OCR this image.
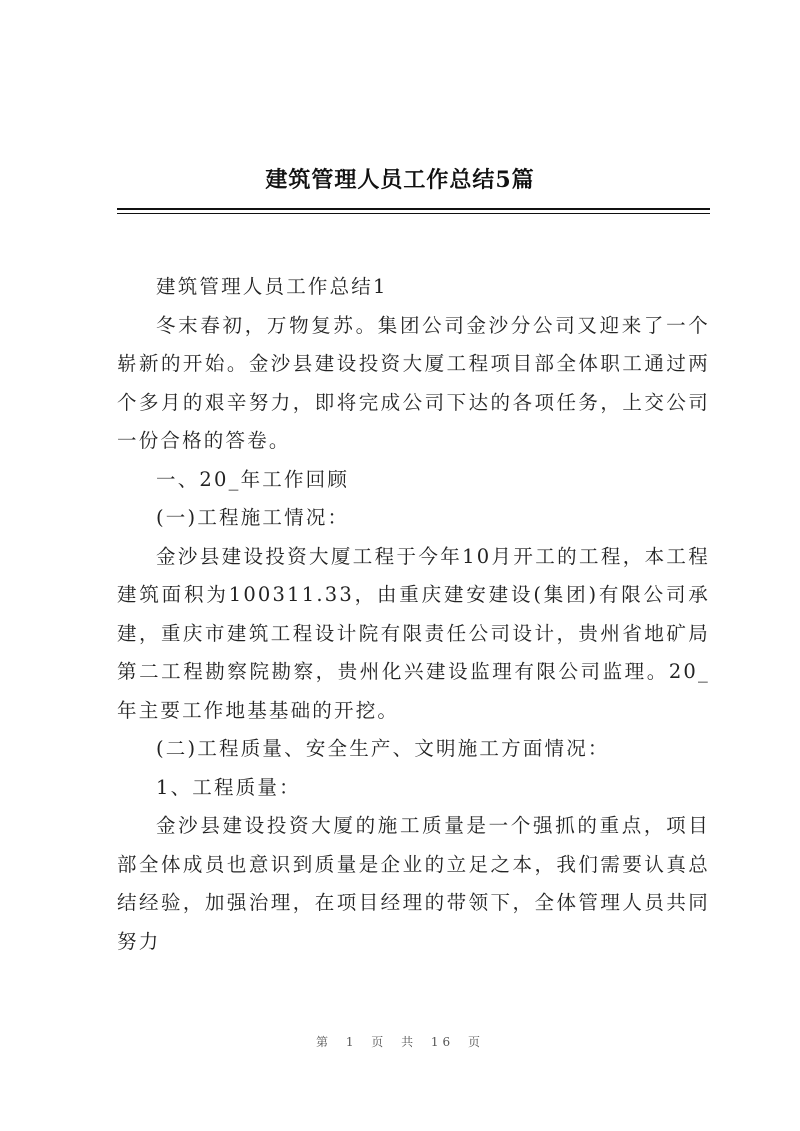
建筑管理人员工作总结5篇

建筑管理人员工作总结1

冬末春初，万物复苏。集团公司金沙分公司又迎来了一个崭新的开始。金沙县建设投资大厦工程项目部全体职工通过两个多月的艰辛努力，即将完成公司下达的各项任务，上交公司一份合格的答卷。

一、20_年工作回顾

(一)工程施工情况：

金沙县建设投资大厦工程于今年10月开工的工程，本工程建筑面积为100311.33，由重庆建安建设(集团)有限公司承建，重庆市建筑工程设计院有限责任公司设计，贵州省地矿局第二工程勘察院勘察，贵州化兴建设监理有限公司监理。20_年主要工作地基基础的开挖。

(二)工程质量、安全生产、文明施工方面情况：

1、工程质量：

金沙县建设投资大厦的施工质量是一个强抓的重点，项目部全体成员也意识到质量是企业的立足之本，我们需要认真总结经验，加强治理，在项目经理的带领下，全体管理人员共同努力

第 1 页 共 16 页
